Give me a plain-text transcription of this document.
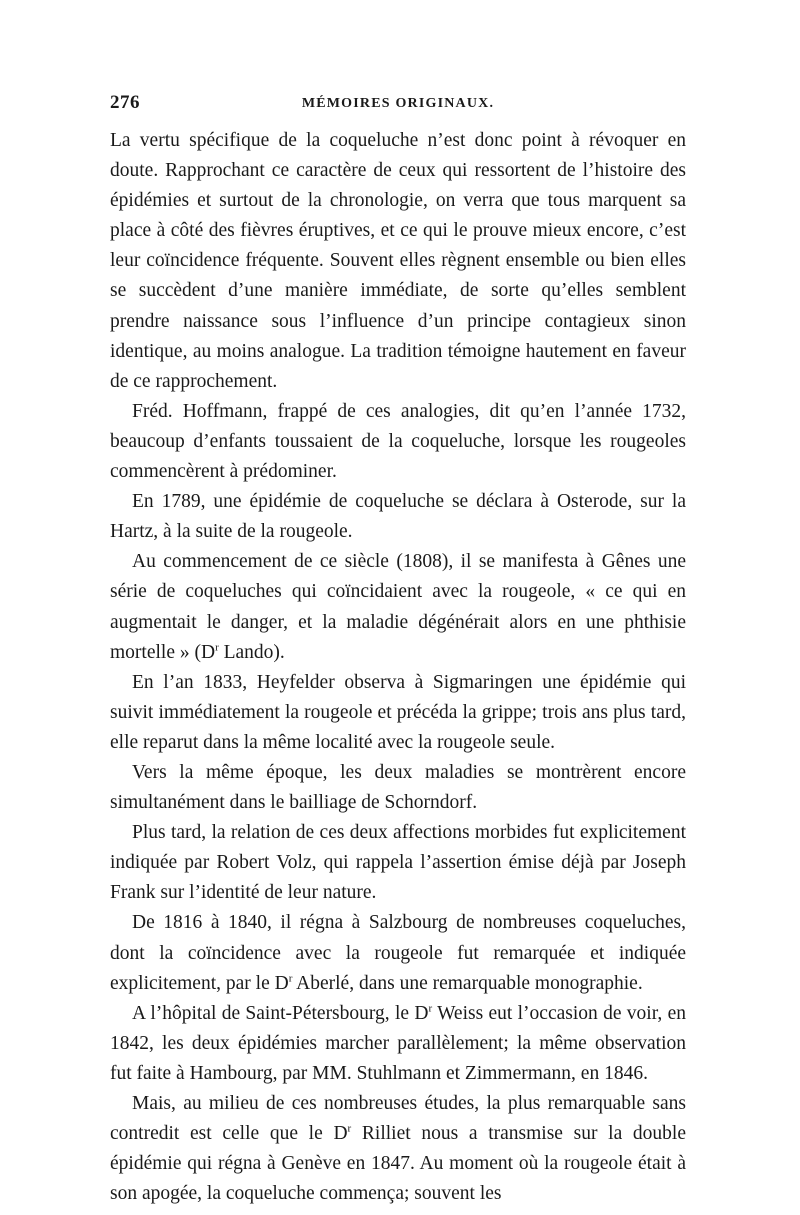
276	MÉMOIRES ORIGINAUX.

La vertu spécifique de la coqueluche n’est donc point à révoquer en doute. Rapprochant ce caractère de ceux qui ressortent de l’histoire des épidémies et surtout de la chronologie, on verra que tous marquent sa place à côté des fièvres éruptives, et ce qui le prouve mieux encore, c’est leur coïncidence fréquente. Souvent elles règnent ensemble ou bien elles se succèdent d’une manière immédiate, de sorte qu’elles semblent prendre naissance sous l’influence d’un principe contagieux sinon identique, au moins analogue. La tradition témoigne hautement en faveur de ce rapprochement.

Fréd. Hoffmann, frappé de ces analogies, dit qu’en l’année 1732, beaucoup d’enfants toussaient de la coqueluche, lorsque les rougeoles commencèrent à prédominer.

En 1789, une épidémie de coqueluche se déclara à Osterode, sur la Hartz, à la suite de la rougeole.

Au commencement de ce siècle (1808), il se manifesta à Gênes une série de coqueluches qui coïncidaient avec la rougeole, « ce qui en augmentait le danger, et la maladie dégénérait alors en une phthisie mortelle » ($D^r$ Lando).

En l’an 1833, Heyfelder observa à Sigmaringen une épidémie qui suivit immédiatement la rougeole et précéda la grippe; trois ans plus tard, elle reparut dans la même localité avec la rougeole seule.

Vers la même époque, les deux maladies se montrèrent encore simultanément dans le bailliage de Schorndorf.

Plus tard, la relation de ces deux affections morbides fut explicitement indiquée par Robert Volz, qui rappela l’assertion émise déjà par Joseph Frank sur l’identité de leur nature.

De 1816 à 1840, il régna à Salzbourg de nombreuses coqueluches, dont la coïncidence avec la rougeole fut remarquée et indiquée explicitement, par le $D^r$ Aberlé, dans une remarquable monographie.

A l’hôpital de Saint-Pétersbourg, le $D^r$ Weiss eut l’occasion de voir, en 1842, les deux épidémies marcher parallèlement; la même observation fut faite à Hambourg, par MM. Stuhlmann et Zimmermann, en 1846.

Mais, au milieu de ces nombreuses études, la plus remarquable sans contredit est celle que le $D^r$ Rilliet nous a transmise sur la double épidémie qui régna à Genève en 1847. Au moment où la rougeole était à son apogée, la coqueluche commença; souvent les
